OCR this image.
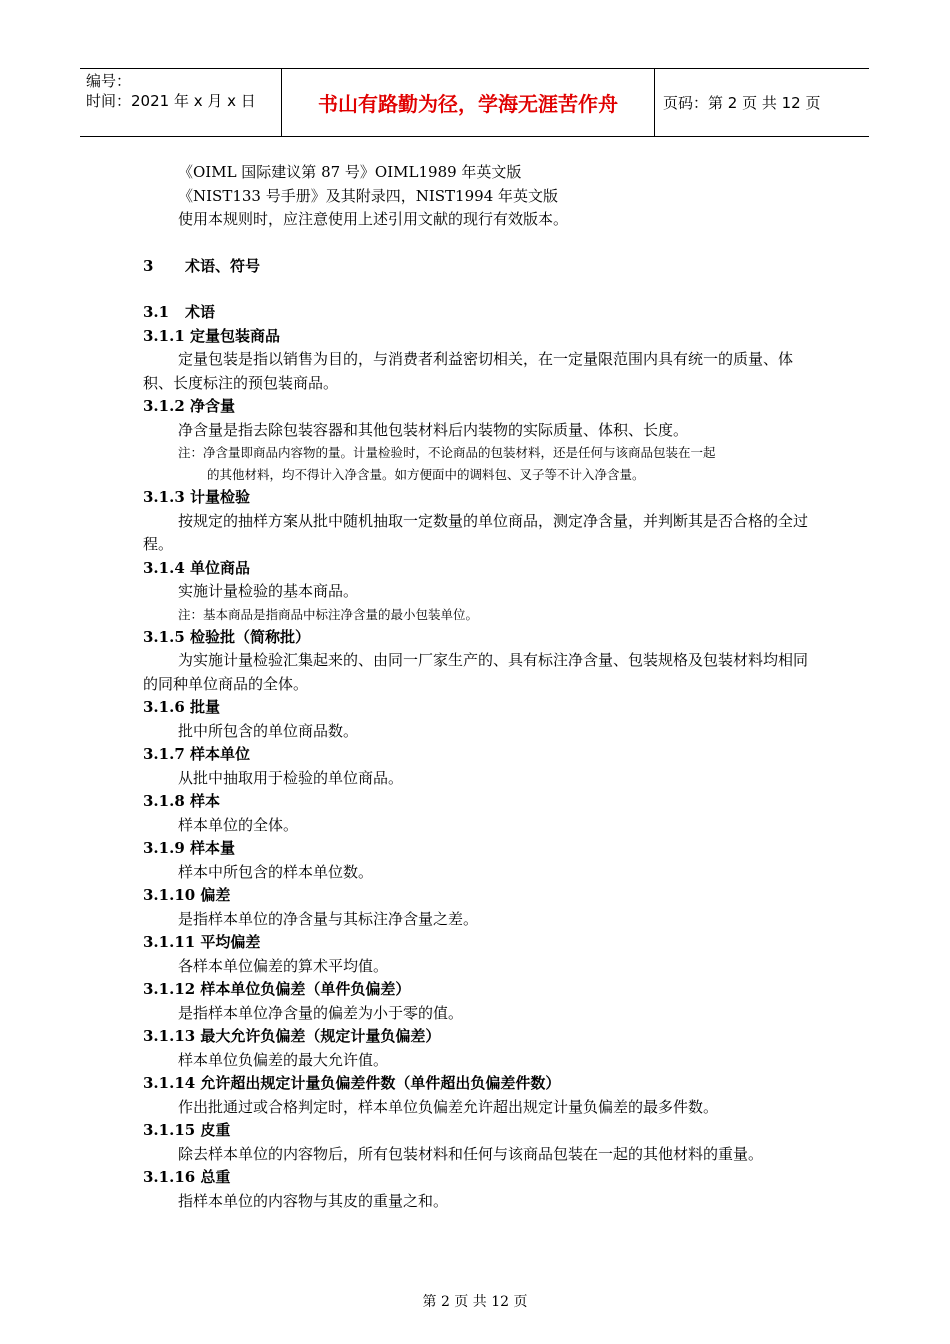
编号：
时间：2021 年 x 月 x 日	书山有路勤为径，学海无涯苦作舟	页码：第 2 页 共 12 页

《OIML 国际建议第 87 号》OIML1989 年英文版

《NIST133 号手册》及其附录四，NIST1994 年英文版

使用本规则时，应注意使用上述引用文献的现行有效版本。

3 术语、符号
3.1 术语
3.1.1 定量包装商品

定量包装是指以销售为目的，与消费者利益密切相关，在一定量限范围内具有统一的质量、体积、长度标注的预包装商品。

3.1.2 净含量

净含量是指去除包装容器和其他包装材料后内装物的实际质量、体积、长度。

注：净含量即商品内容物的量。计量检验时，不论商品的包装材料，还是任何与该商品包装在一起
的其他材料，均不得计入净含量。如方便面中的调料包、叉子等不计入净含量。
3.1.3 计量检验

按规定的抽样方案从批中随机抽取一定数量的单位商品，测定净含量，并判断其是否合格的全过程。

3.1.4 单位商品

实施计量检验的基本商品。

注：基本商品是指商品中标注净含量的最小包装单位。
3.1.5 检验批（简称批）

为实施计量检验汇集起来的、由同一厂家生产的、具有标注净含量、包装规格及包装材料均相同的同种单位商品的全体。

3.1.6 批量

批中所包含的单位商品数。

3.1.7 样本单位

从批中抽取用于检验的单位商品。

3.1.8 样本

样本单位的全体。

3.1.9 样本量

样本中所包含的样本单位数。

3.1.10 偏差

是指样本单位的净含量与其标注净含量之差。

3.1.11 平均偏差

各样本单位偏差的算术平均值。

3.1.12 样本单位负偏差（单件负偏差）

是指样本单位净含量的偏差为小于零的值。

3.1.13 最大允许负偏差（规定计量负偏差）

样本单位负偏差的最大允许值。

3.1.14 允许超出规定计量负偏差件数（单件超出负偏差件数）

作出批通过或合格判定时，样本单位负偏差允许超出规定计量负偏差的最多件数。

3.1.15 皮重

除去样本单位的内容物后，所有包装材料和任何与该商品包装在一起的其他材料的重量。

3.1.16 总重

指样本单位的内容物与其皮的重量之和。

第 2 页 共 12 页
